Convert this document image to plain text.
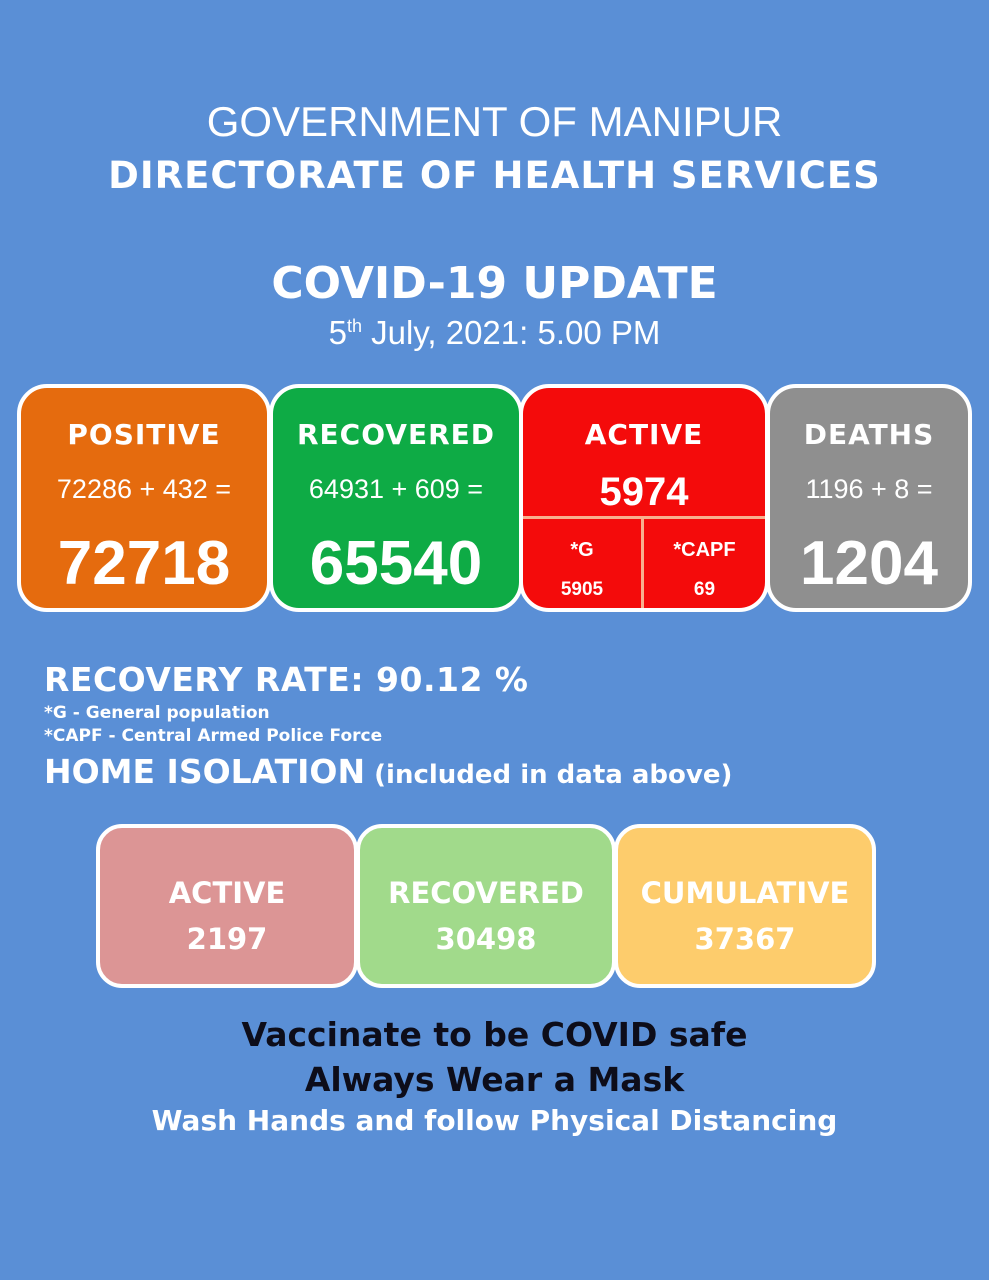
GOVERNMENT OF MANIPUR
DIRECTORATE OF HEALTH SERVICES
COVID-19 UPDATE
5th July, 2021: 5.00 PM
POSITIVE
72286 + 432 =
72718
RECOVERED
64931 + 609 =
65540
ACTIVE
5974
*G
5905
*CAPF
69
DEATHS
1196 + 8 =
1204
RECOVERY RATE: 90.12 %
*G - General population
*CAPF - Central Armed Police Force
HOME ISOLATION (included in data above)
ACTIVE
2197
RECOVERED
30498
CUMULATIVE
37367
Vaccinate to be COVID safe
Always Wear a Mask
Wash Hands and follow Physical Distancing
